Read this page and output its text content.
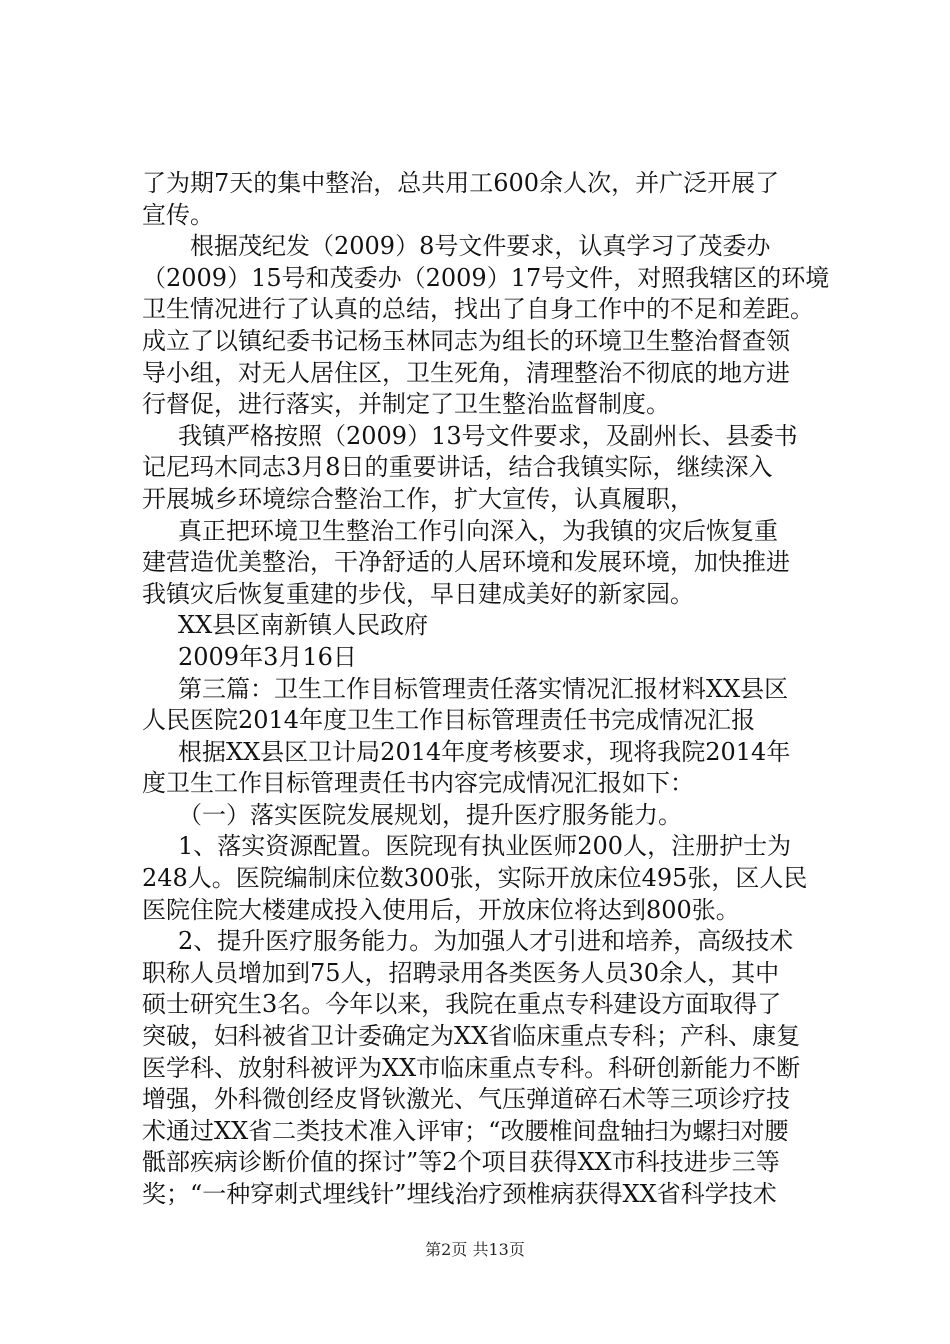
了为期7天的集中整治，总共用工600余人次，并广泛开展了
宣传。
根据茂纪发（2009）8号文件要求，认真学习了茂委办
（2009）15号和茂委办（2009）17号文件，对照我辖区的环境
卫生情况进行了认真的总结，找出了自身工作中的不足和差距。
成立了以镇纪委书记杨玉林同志为组长的环境卫生整治督查领
导小组，对无人居住区，卫生死角，清理整治不彻底的地方进
行督促，进行落实，并制定了卫生整治监督制度。
我镇严格按照（2009）13号文件要求，及副州长、县委书
记尼玛木同志3月8日的重要讲话，结合我镇实际，继续深入
开展城乡环境综合整治工作，扩大宣传，认真履职，
真正把环境卫生整治工作引向深入，为我镇的灾后恢复重
建营造优美整治，干净舒适的人居环境和发展环境，加快推进
我镇灾后恢复重建的步伐，早日建成美好的新家园。
XX县区南新镇人民政府
2009年3月16日
第三篇：卫生工作目标管理责任落实情况汇报材料XX县区
人民医院2014年度卫生工作目标管理责任书完成情况汇报
根据XX县区卫计局2014年度考核要求，现将我院2014年
度卫生工作目标管理责任书内容完成情况汇报如下：
（一）落实医院发展规划，提升医疗服务能力。
1、落实资源配置。医院现有执业医师200人，注册护士为
248人。医院编制床位数300张，实际开放床位495张，区人民
医院住院大楼建成投入使用后，开放床位将达到800张。
2、提升医疗服务能力。为加强人才引进和培养，高级技术
职称人员增加到75人，招聘录用各类医务人员30余人，其中
硕士研究生3名。今年以来，我院在重点专科建设方面取得了
突破，妇科被省卫计委确定为XX省临床重点专科；产科、康复
医学科、放射科被评为XX市临床重点专科。科研创新能力不断
增强，外科微创经皮肾钬激光、气压弹道碎石术等三项诊疗技
术通过XX省二类技术准入评审；“改腰椎间盘轴扫为螺扫对腰
骶部疾病诊断价值的探讨”等2个项目获得XX市科技进步三等
奖；“一种穿刺式埋线针”埋线治疗颈椎病获得XX省科学技术
第2页 共13页
